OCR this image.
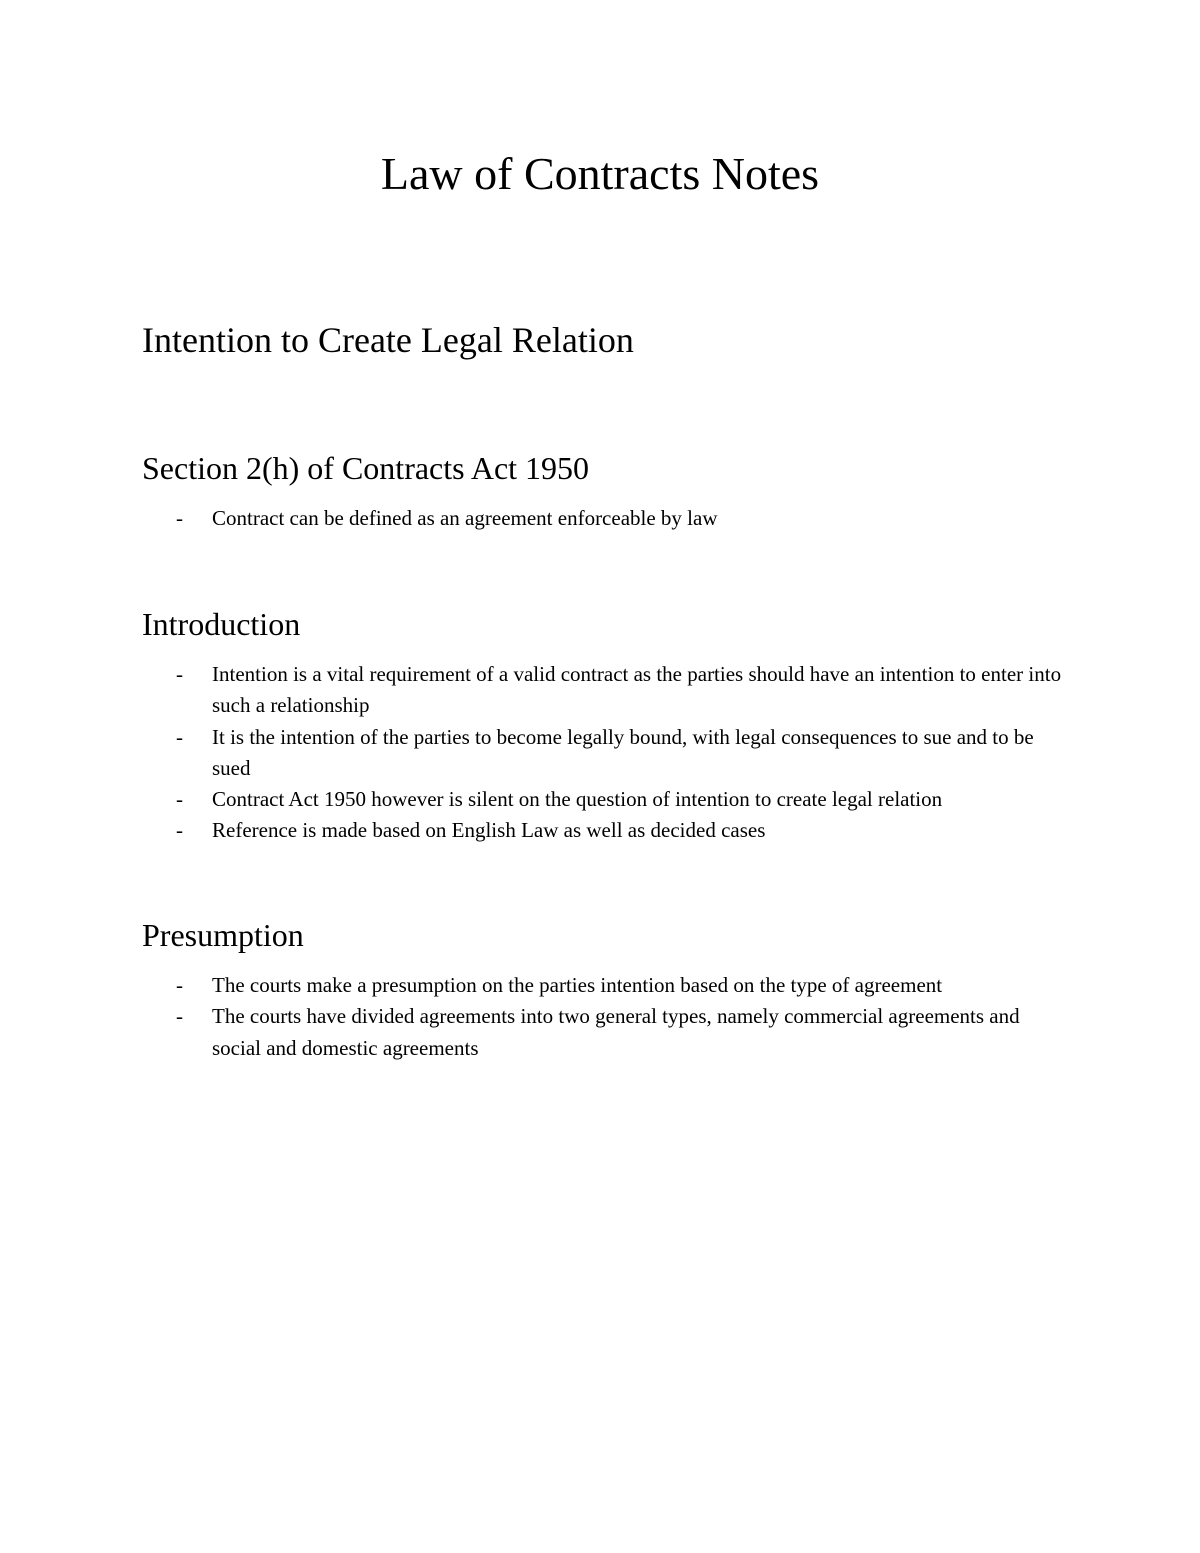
Law of Contracts Notes
Intention to Create Legal Relation
Section 2(h) of Contracts Act 1950
- Contract can be defined as an agreement enforceable by law
Introduction
- Intention is a vital requirement of a valid contract as the parties should have an intention to enter into such a relationship
- It is the intention of the parties to become legally bound, with legal consequences to sue and to be sued
- Contract Act 1950 however is silent on the question of intention to create legal relation
- Reference is made based on English Law as well as decided cases
Presumption
- The courts make a presumption on the parties intention based on the type of agreement
- The courts have divided agreements into two general types, namely commercial agreements and social and domestic agreements
